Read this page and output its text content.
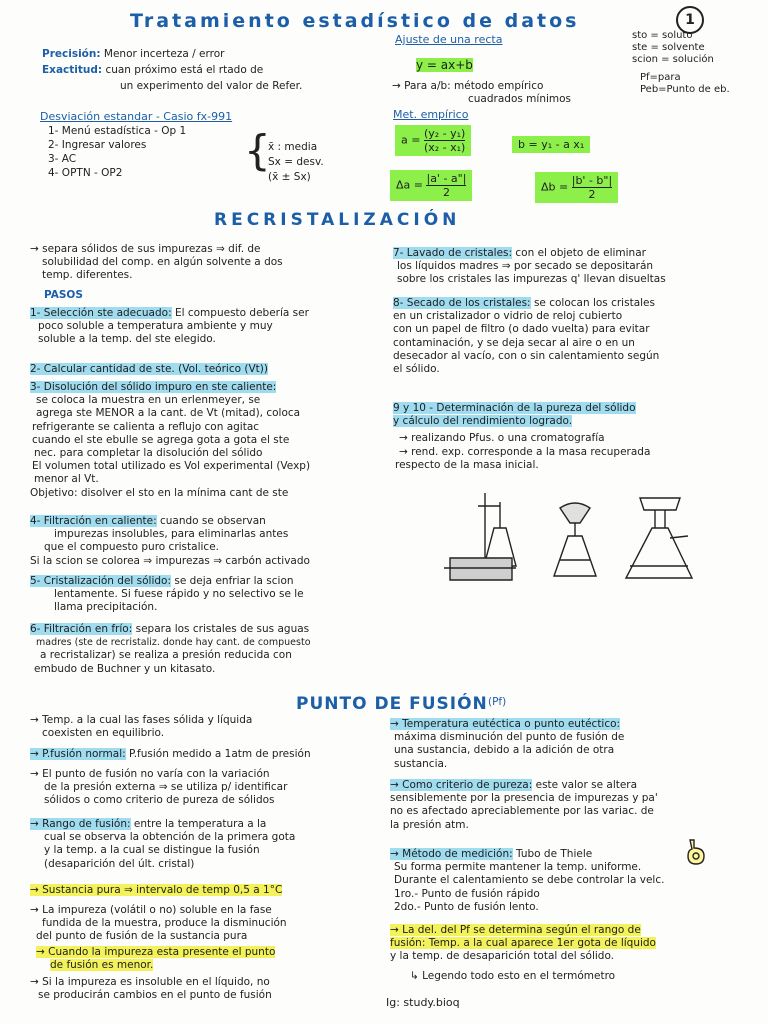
Tratamiento estadístico de datos	1
sto = soluto
ste = solvente
scion = solución
Pf=para
Peb=Punto de eb.
Precisión: Menor incerteza / error
Exactitud: cuan próximo está el rtado de
un experimento del valor de Refer.
Ajuste de una recta
y = ax+b
→ Para a/b: método empírico
cuadrados mínimos
Desviación estandar - Casio fx-991
1- Menú estadística - Op 1
2- Ingresar valores
3- AC
4- OPTN - OP2	{
x̄ : media
Sx = desv.
(x̄ ± Sx)
Met. empírico
$a = \frac{\text{(y₂ - y₁)}}{\text{(x₂ - x₁)}}$	b = y₁ - a x₁
$\Delta a = \frac{|a' - a"|}{2}$	$\Delta b = \frac{|b' - b"|}{2}$
RECRISTALIZACIÓN
→ separa sólidos de sus impurezas ⇒ dif. de
solubilidad del comp. en algún solvente a dos
temp. diferentes.
PASOS
1- Selección ste adecuado: El compuesto debería ser
poco soluble a temperatura ambiente y muy
soluble a la temp. del ste elegido.
2- Calcular cantidad de ste. (Vol. teórico (Vt))
3- Disolución del sólido impuro en ste caliente:
se coloca la muestra en un erlenmeyer, se
agrega ste MENOR a la cant. de Vt (mitad), coloca
refrigerante se calienta a reflujo con agitac
cuando el ste ebulle se agrega gota a gota el ste
nec. para completar la disolución del sólido
El volumen total utilizado es Vol experimental (Vexp)
menor al Vt.
Objetivo: disolver el sto en la mínima cant de ste
4- Filtración en caliente: cuando se observan
impurezas insolubles, para eliminarlas antes
que el compuesto puro cristalice.
Si la scion se colorea ⇒ impurezas ⇒ carbón activado
5- Cristalización del sólido: se deja enfriar la scion
lentamente. Si fuese rápido y no selectivo se le
llama precipitación.
6- Filtración en frío: separa los cristales de sus aguas
madres (ste de recristaliz. donde hay cant. de compuesto
a recristalizar) se realiza a presión reducida con
embudo de Buchner y un kitasato.
7- Lavado de cristales: con el objeto de eliminar
los líquidos madres ⇒ por secado se depositarán
sobre los cristales las impurezas q' llevan disueltas
8- Secado de los cristales: se colocan los cristales
en un cristalizador o vidrio de reloj cubierto
con un papel de filtro (o dado vuelta) para evitar
contaminación, y se deja secar al aire o en un
desecador al vacío, con o sin calentamiento según
el sólido.
9 y 10 - Determinación de la pureza del sólido
y cálculo del rendimiento logrado.
→ realizando Pfus. o una cromatografía
→ rend. exp. corresponde a la masa recuperada
respecto de la masa inicial.
PUNTO DE FUSIÓN (Pf)
→ Temp. a la cual las fases sólida y líquida
coexisten en equilibrio.
→ P.fusión normal: P.fusión medido a 1atm de presión
→ El punto de fusión no varía con la variación
de la presión externa ⇒ se utiliza p/ identificar
sólidos o como criterio de pureza de sólidos
→ Rango de fusión: entre la temperatura a la
cual se observa la obtención de la primera gota
y la temp. a la cual se distingue la fusión
(desaparición del últ. cristal)
→ Sustancia pura ⇒ intervalo de temp 0,5 a 1°C
→ La impureza (volátil o no) soluble en la fase
fundida de la muestra, produce la disminución
del punto de fusión de la sustancia pura
→ Cuando la impureza esta presente el punto
de fusión es menor.
→ Si la impureza es insoluble en el líquido, no
se producirán cambios en el punto de fusión
→ Temperatura eutéctica o punto eutéctico:
máxima disminución del punto de fusión de
una sustancia, debido a la adición de otra
sustancia.
→ Como criterio de pureza: este valor se altera
sensiblemente por la presencia de impurezas y pa'
no es afectado apreciablemente por las variac. de
la presión atm.
→ Método de medición: Tubo de Thiele
Su forma permite mantener la temp. uniforme.
Durante el calentamiento se debe controlar la velc.
1ro.- Punto de fusión rápido
2do.- Punto de fusión lento.
→ La del. del Pf se determina según el rango de
fusión: Temp. a la cual aparece 1er gota de líquido
y la temp. de desaparición total del sólido.
↳ Legendo todo esto en el termómetro
Ig: study.bioq
